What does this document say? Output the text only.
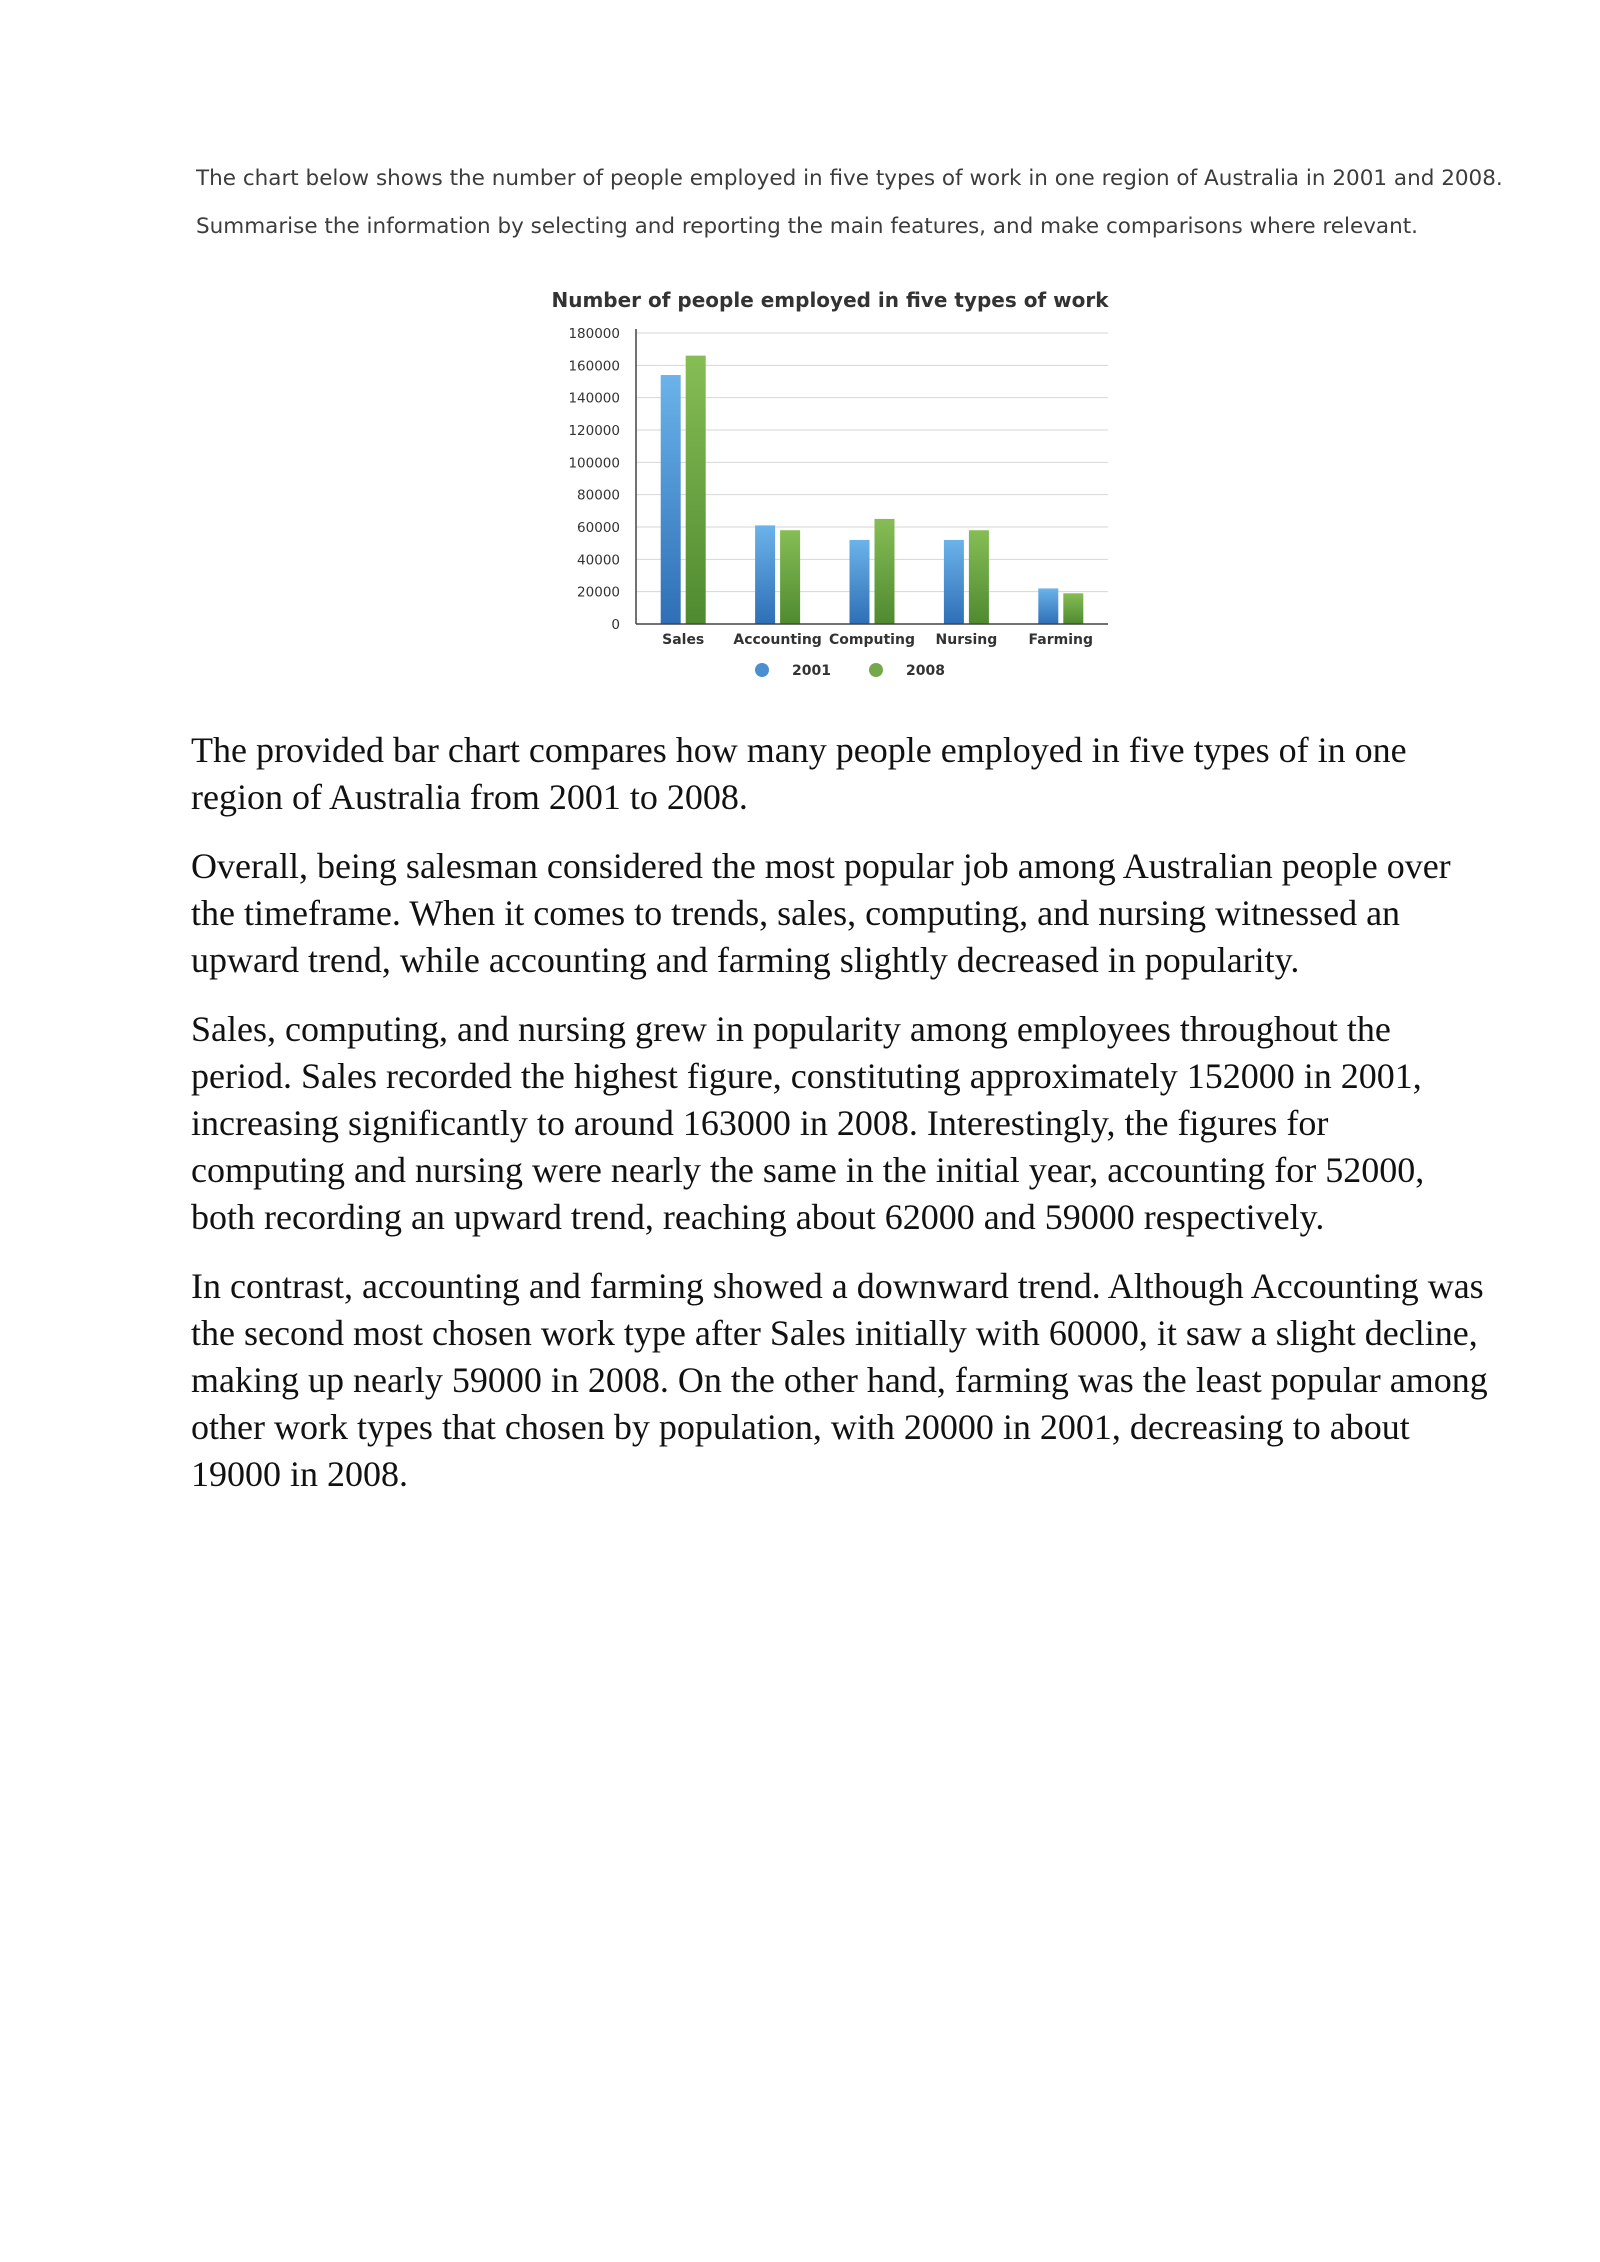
The chart below shows the number of people employed in five types of work in one region of Australia in 2001 and 2008.

Summarise the information by selecting and reporting the main features, and make comparisons where relevant.

Number of people employed in five types of work
0
20000
40000
60000
80000
100000
120000
140000
160000
180000
Sales Accounting Computing Nursing Farming
2001	2008

The provided bar chart compares how many people employed in five types of in one region of Australia from 2001 to 2008.

Overall, being salesman considered the most popular job among Australian people over the timeframe. When it comes to trends, sales, computing, and nursing witnessed an upward trend, while accounting and farming slightly decreased in popularity.

Sales, computing, and nursing grew in popularity among employees throughout the period. Sales recorded the highest figure, constituting approximately 152000 in 2001, increasing significantly to around 163000 in 2008. Interestingly, the figures for computing and nursing were nearly the same in the initial year, accounting for 52000, both recording an upward trend, reaching about 62000 and 59000 respectively.

In contrast, accounting and farming showed a downward trend. Although Accounting was the second most chosen work type after Sales initially with 60000, it saw a slight decline, making up nearly 59000 in 2008. On the other hand, farming was the least popular among other work types that chosen by population, with 20000 in 2001, decreasing to about 19000 in 2008.
